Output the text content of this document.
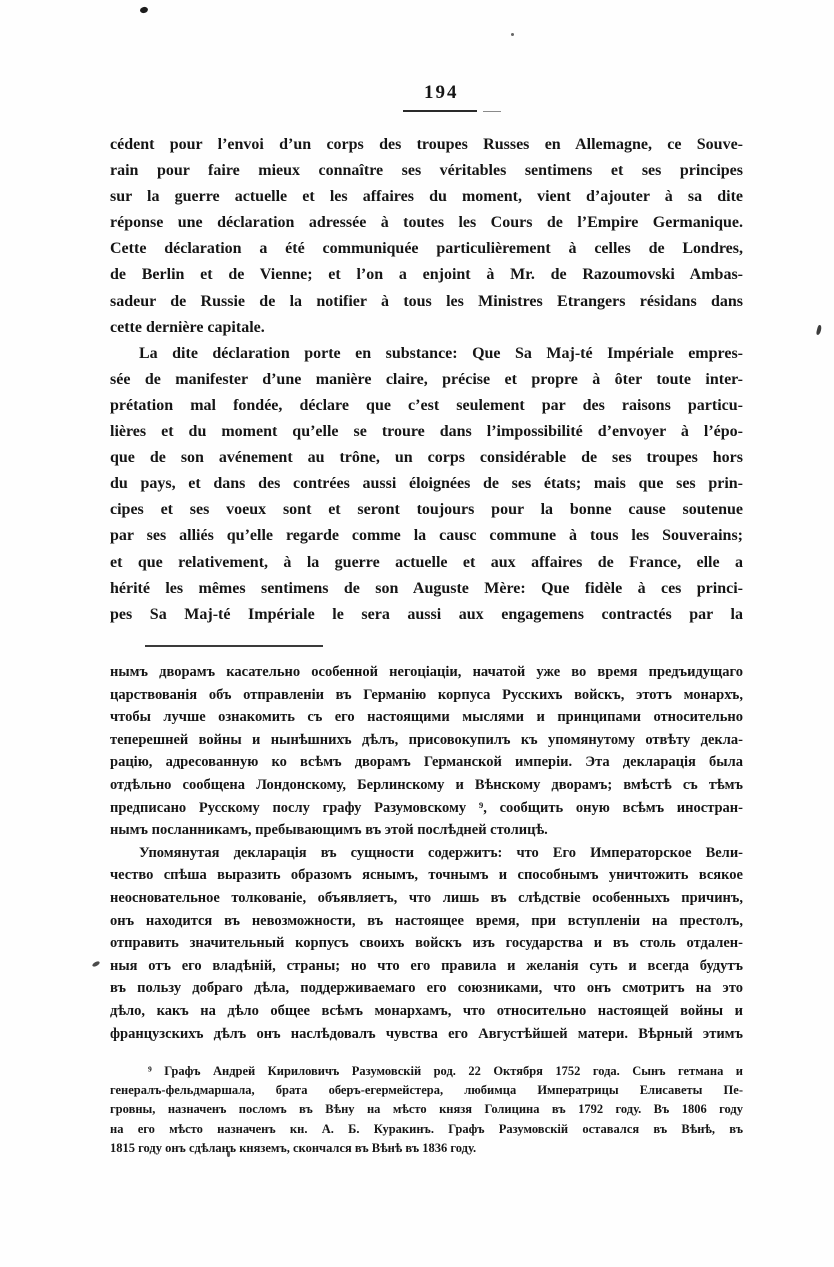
194
cédent pour l’envoi d’un corps des troupes Russes en Allemagne, ce Souve-
rain pour faire mieux connaître ses véritables sentimens et ses principes
sur la guerre actuelle et les affaires du moment, vient d’ajouter à sa dite
réponse une déclaration adressée à toutes les Cours de l’Empire Germanique.
Cette déclaration a été communiquée particulièrement à celles de Londres,
de Berlin et de Vienne; et l’on a enjoint à Mr. de Razoumovski Ambas-
sadeur de Russie de la notifier à tous les Ministres Etrangers résidans dans
cette dernière capitale.
La dite déclaration porte en substance: Que Sa Maj-té Impériale empres-
sée de manifester d’une manière claire, précise et propre à ôter toute inter-
prétation mal fondée, déclare que c’est seulement par des raisons particu-
lières et du moment qu’elle se troure dans l’impossibilité d’envoyer à l’épo-
que de son avénement au trône, un corps considérable de ses troupes hors
du pays, et dans des contrées aussi éloignées de ses états; mais que ses prin-
cipes et ses voeux sont et seront toujours pour la bonne cause soutenue
par ses alliés qu’elle regarde comme la causc commune à tous les Souverains;
et que relativement, à la guerre actuelle et aux affaires de France, elle a
hérité les mêmes sentimens de son Auguste Mère: Que fidèle à ces princi-
pes Sa Maj-té Impériale le sera aussi aux engagemens contractés par la
нымъ дворамъ касательно особенной негоціаціи, начатой уже во время предъидущаго
царствованія объ отправленіи въ Германію корпуса Русскихъ войскъ, этотъ монархъ,
чтобы лучше ознакомить съ его настоящими мыслями и принципами относительно
теперешней войны и нынѣшнихъ дѣлъ, присовокупилъ къ упомянутому отвѣту декла-
рацію, адресованную ко всѣмъ дворамъ Германской имперіи. Эта декларація была
отдѣльно сообщена Лондонскому, Берлинскому и Вѣнскому дворамъ; вмѣстѣ съ тѣмъ
предписано Русскому послу графу Разумовскому ⁹, сообщить оную всѣмъ иностран-
нымъ посланникамъ, пребывающимъ въ этой послѣдней столицѣ.
Упомянутая декларація въ сущности содержитъ: что Его Императорское Вели-
чество спѣша выразить образомъ яснымъ, точнымъ и способнымъ уничтожить всякое
неосновательное толкованіе, объявляетъ, что лишь въ слѣдствіе особенныхъ причинъ,
онъ находится въ невозможности, въ настоящее время, при вступленіи на престолъ,
отправить значительный корпусъ своихъ войскъ изъ государства и въ столь отдален-
ныя отъ его владѣній, страны; но что его правила и желанія суть и всегда будутъ
въ пользу добраго дѣла, поддерживаемаго его союзниками, что онъ смотритъ на это
дѣло, какъ на дѣло общее всѣмъ монархамъ, что относительно настоящей войны и
французскихъ дѣлъ онъ наслѣдовалъ чувства его Августѣйшей матери. Вѣрный этимъ
⁹ Графъ Андрей Кириловичъ Разумовскій род. 22 Октября 1752 года. Сынъ гетмана и
генералъ-фельдмаршала, брата оберъ-егермейстера, любимца Императрицы Елисаветы Пе-
гровны, назначенъ посломъ въ Вѣну на мѣсто князя Голицина въ 1792 году. Въ 1806 году
на его мѣсто назначенъ кн. А. Б. Куракинъ. Графъ Разумовскій оставался въ Вѣнѣ, въ
1815 году онъ сдѣланъ княземъ, скончался въ Вѣнѣ въ 1836 году.
